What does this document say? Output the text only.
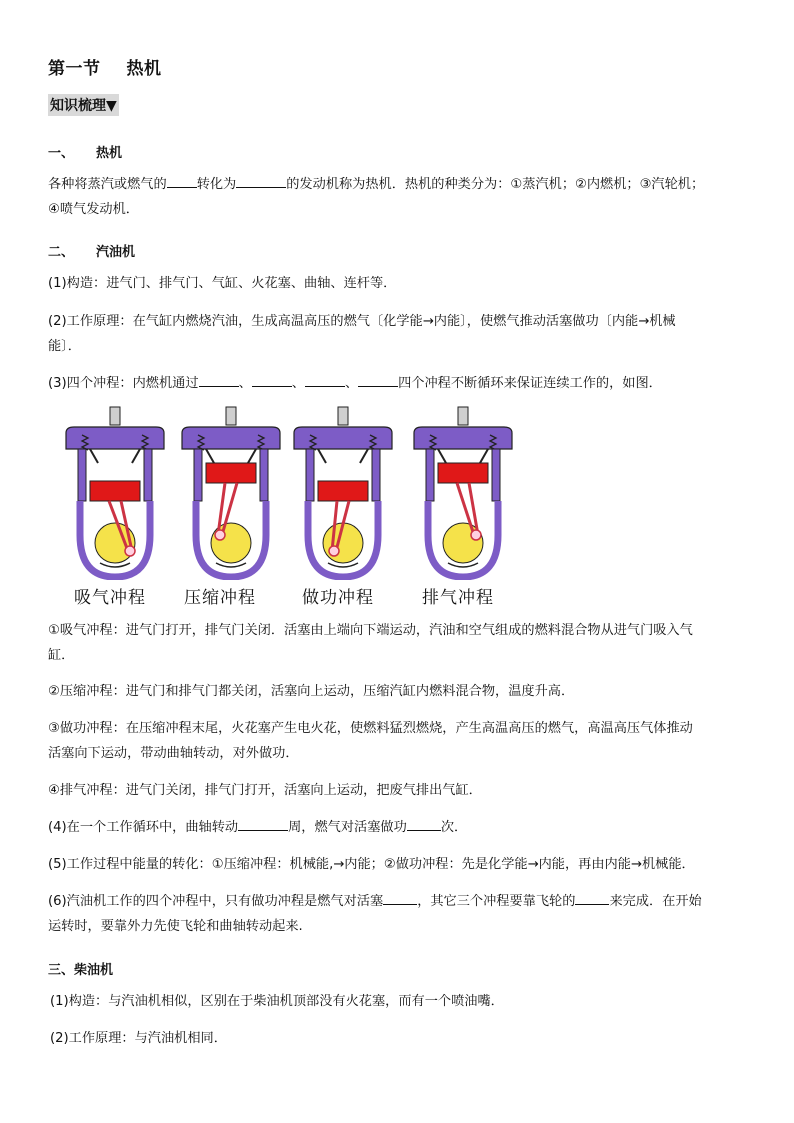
第一节 热机
知识梳理▼
一、 热机
各种将蒸汽或燃气的 转化为	的发动机称为热机．热机的种类分为：①蒸汽机；②内燃机；③汽轮机；
④喷气发动机．
二、 汽油机
(1)构造：进气门、排气门、气缸、火花塞、曲轴、连杆等．
(2)工作原理：在气缸内燃烧汽油，生成高温高压的燃气〔化学能→内能〕，使燃气推动活塞做功〔内能→机械
能〕．
(3)四个冲程：内燃机通过	、	、	、	四个冲程不断循环来保证连续工作的，如图．
吸气冲程 压缩冲程	做功冲程	排气冲程
①吸气冲程：进气门打开，排气门关闭．活塞由上端向下端运动，汽油和空气组成的燃料混合物从进气门吸入气
缸．
②压缩冲程：进气门和排气门都关闭，活塞向上运动，压缩汽缸内燃料混合物，温度升高．
③做功冲程：在压缩冲程末尾，火花塞产生电火花，使燃料猛烈燃烧，产生高温高压的燃气，高温高压气体推动
活塞向下运动，带动曲轴转动，对外做功．
④排气冲程：进气门关闭，排气门打开，活塞向上运动，把废气排出气缸．
(4)在一个工作循环中，曲轴转动	周，燃气对活塞做功	次．
(5)工作过程中能量的转化：①压缩冲程：机械能,→内能；②做功冲程：先是化学能→内能，再由内能→机械能．
(6)汽油机工作的四个冲程中，只有做功冲程是燃气对活塞	，其它三个冲程要靠飞轮的	来完成．在开始
运转时，要靠外力先使飞轮和曲轴转动起来.
三、柴油机
(1)构造：与汽油机相似，区别在于柴油机顶部没有火花塞，而有一个喷油嘴．
(2)工作原理：与汽油机相同．
